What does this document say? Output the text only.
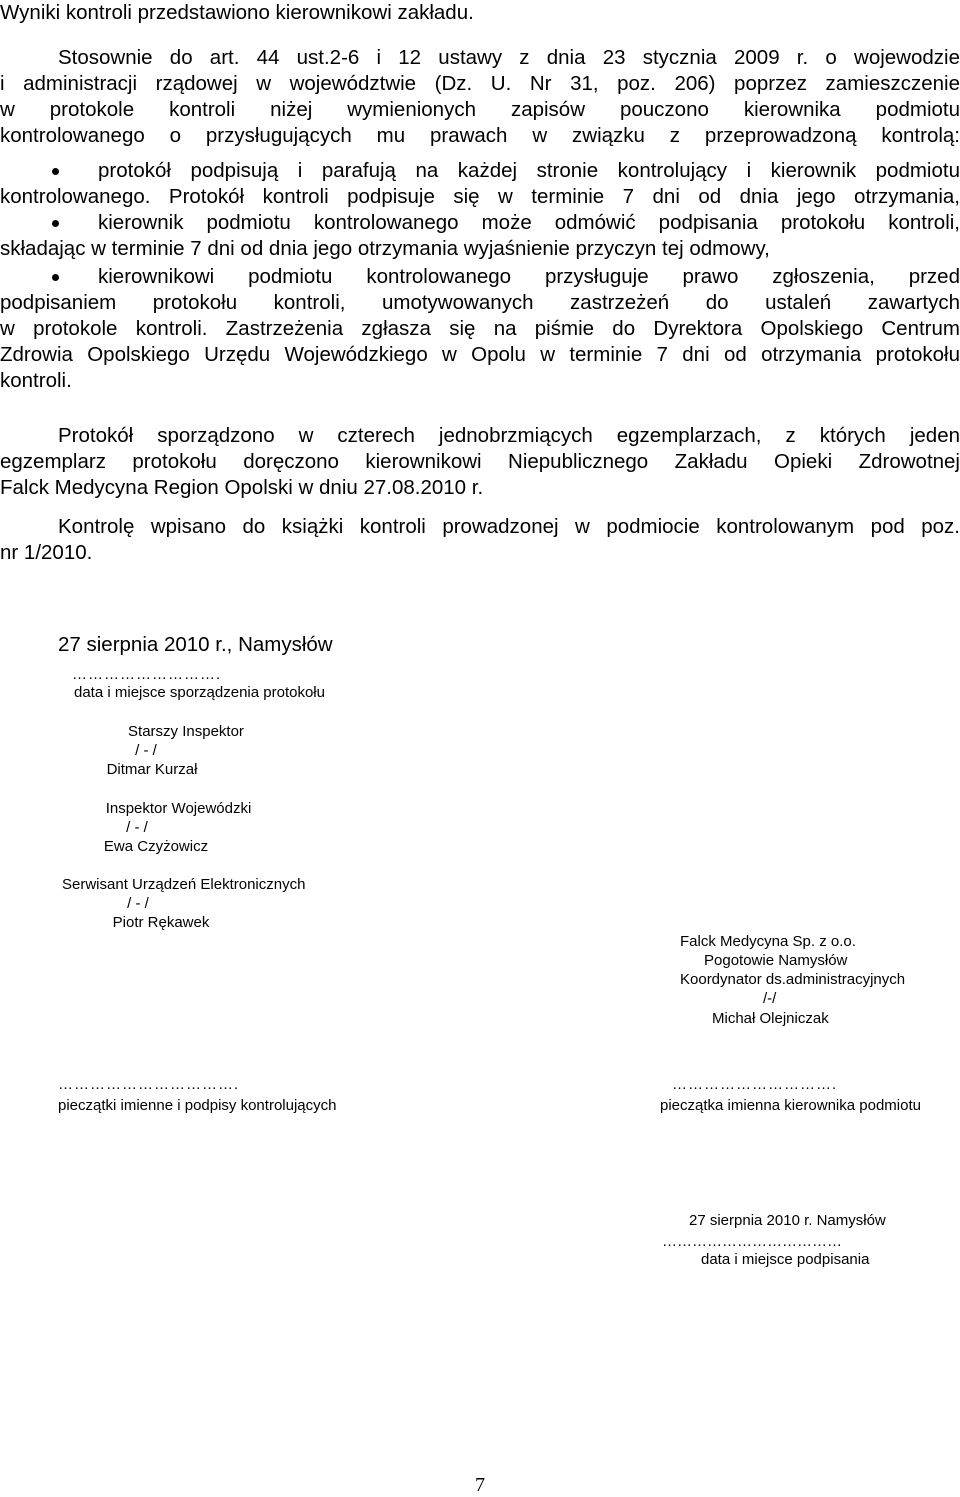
Wyniki kontroli przedstawiono kierownikowi zakładu.
Stosownie do art. 44 ust.2-6 i 12 ustawy z dnia 23 stycznia 2009 r. o wojewodzie
i administracji rządowej w województwie (Dz. U. Nr 31, poz. 206) poprzez zamieszczenie
w protokole kontroli niżej wymienionych zapisów pouczono kierownika podmiotu
kontrolowanego o przysługujących mu prawach w związku z przeprowadzoną kontrolą:
protokół podpisują i parafują na każdej stronie kontrolujący i kierownik podmiotu
kontrolowanego. Protokół kontroli podpisuje się w terminie 7 dni od dnia jego otrzymania,
kierownik podmiotu kontrolowanego może odmówić podpisania protokołu kontroli,
składając w terminie 7 dni od dnia jego otrzymania wyjaśnienie przyczyn tej odmowy,
kierownikowi podmiotu kontrolowanego przysługuje prawo zgłoszenia, przed
podpisaniem protokołu kontroli, umotywowanych zastrzeżeń do ustaleń zawartych
w protokole kontroli. Zastrzeżenia zgłasza się na piśmie do Dyrektora Opolskiego Centrum
Zdrowia Opolskiego Urzędu Wojewódzkiego w Opolu w terminie 7 dni od otrzymania protokołu
kontroli.
Protokół sporządzono w czterech jednobrzmiących egzemplarzach, z których jeden
egzemplarz protokołu doręczono kierownikowi Niepublicznego Zakładu Opieki Zdrowotnej
Falck Medycyna Region Opolski w dniu 27.08.2010 r.
Kontrolę wpisano do książki kontroli prowadzonej w podmiocie kontrolowanym pod poz.
nr 1/2010.
27 sierpnia 2010 r., Namysłów
……………………….
data i miejsce sporządzenia protokołu
Starszy Inspektor
/ - /
Ditmar Kurzał
Inspektor Wojewódzki
/ - /
Ewa Czyżowicz
Serwisant Urządzeń Elektronicznych
/ - /
Piotr Rękawek
Falck Medycyna Sp. z o.o.
Pogotowie Namysłów
Koordynator ds.administracyjnych
/-/
Michał Olejniczak
…………………………….
pieczątki imienne i podpisy kontrolujących
………………………….
pieczątka imienna kierownika podmiotu
27 sierpnia 2010 r. Namysłów
………………………………
data i miejsce podpisania
7
